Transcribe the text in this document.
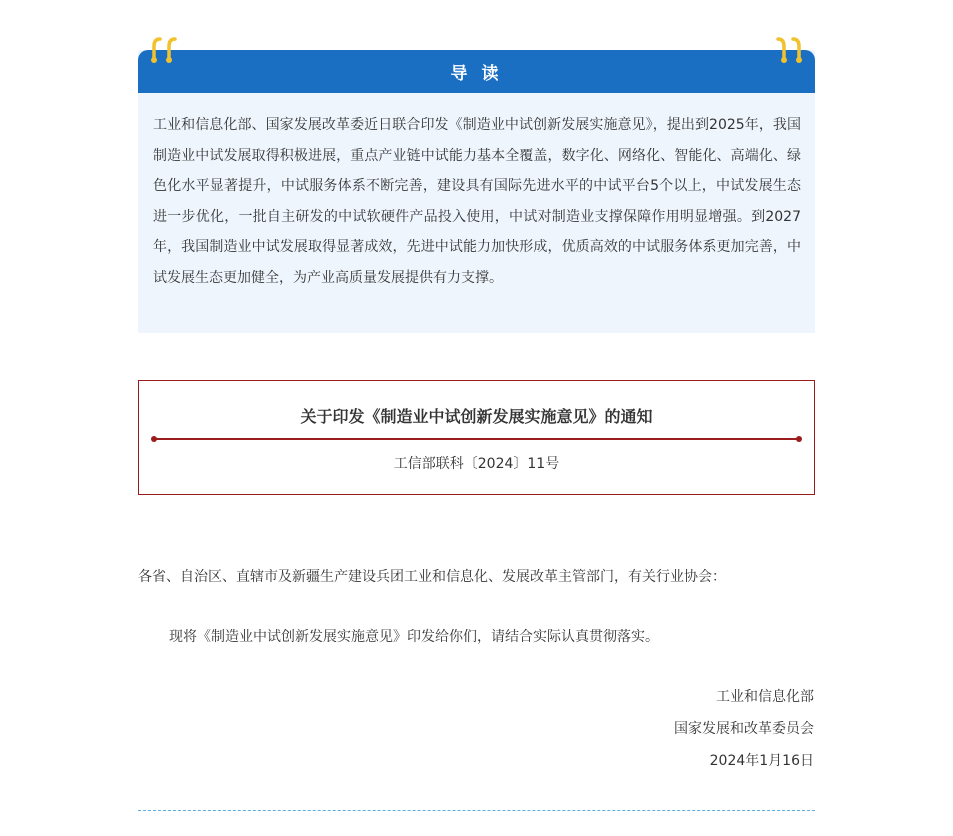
导 读

工业和信息化部、国家发展改革委近日联合印发《制造业中试创新发展实施意见》，提出到2025年，我国制造业中试发展取得积极进展，重点产业链中试能力基本全覆盖，数字化、网络化、智能化、高端化、绿色化水平显著提升，中试服务体系不断完善，建设具有国际先进水平的中试平台5个以上，中试发展生态进一步优化，一批自主研发的中试软硬件产品投入使用，中试对制造业支撑保障作用明显增强。到2027年，我国制造业中试发展取得显著成效，先进中试能力加快形成，优质高效的中试服务体系更加完善，中试发展生态更加健全，为产业高质量发展提供有力支撑。

关于印发《制造业中试创新发展实施意见》的通知
工信部联科〔2024〕11号

各省、自治区、直辖市及新疆生产建设兵团工业和信息化、发展改革主管部门，有关行业协会：

现将《制造业中试创新发展实施意见》印发给你们，请结合实际认真贯彻落实。

工业和信息化部

国家发展和改革委员会

2024年1月16日
